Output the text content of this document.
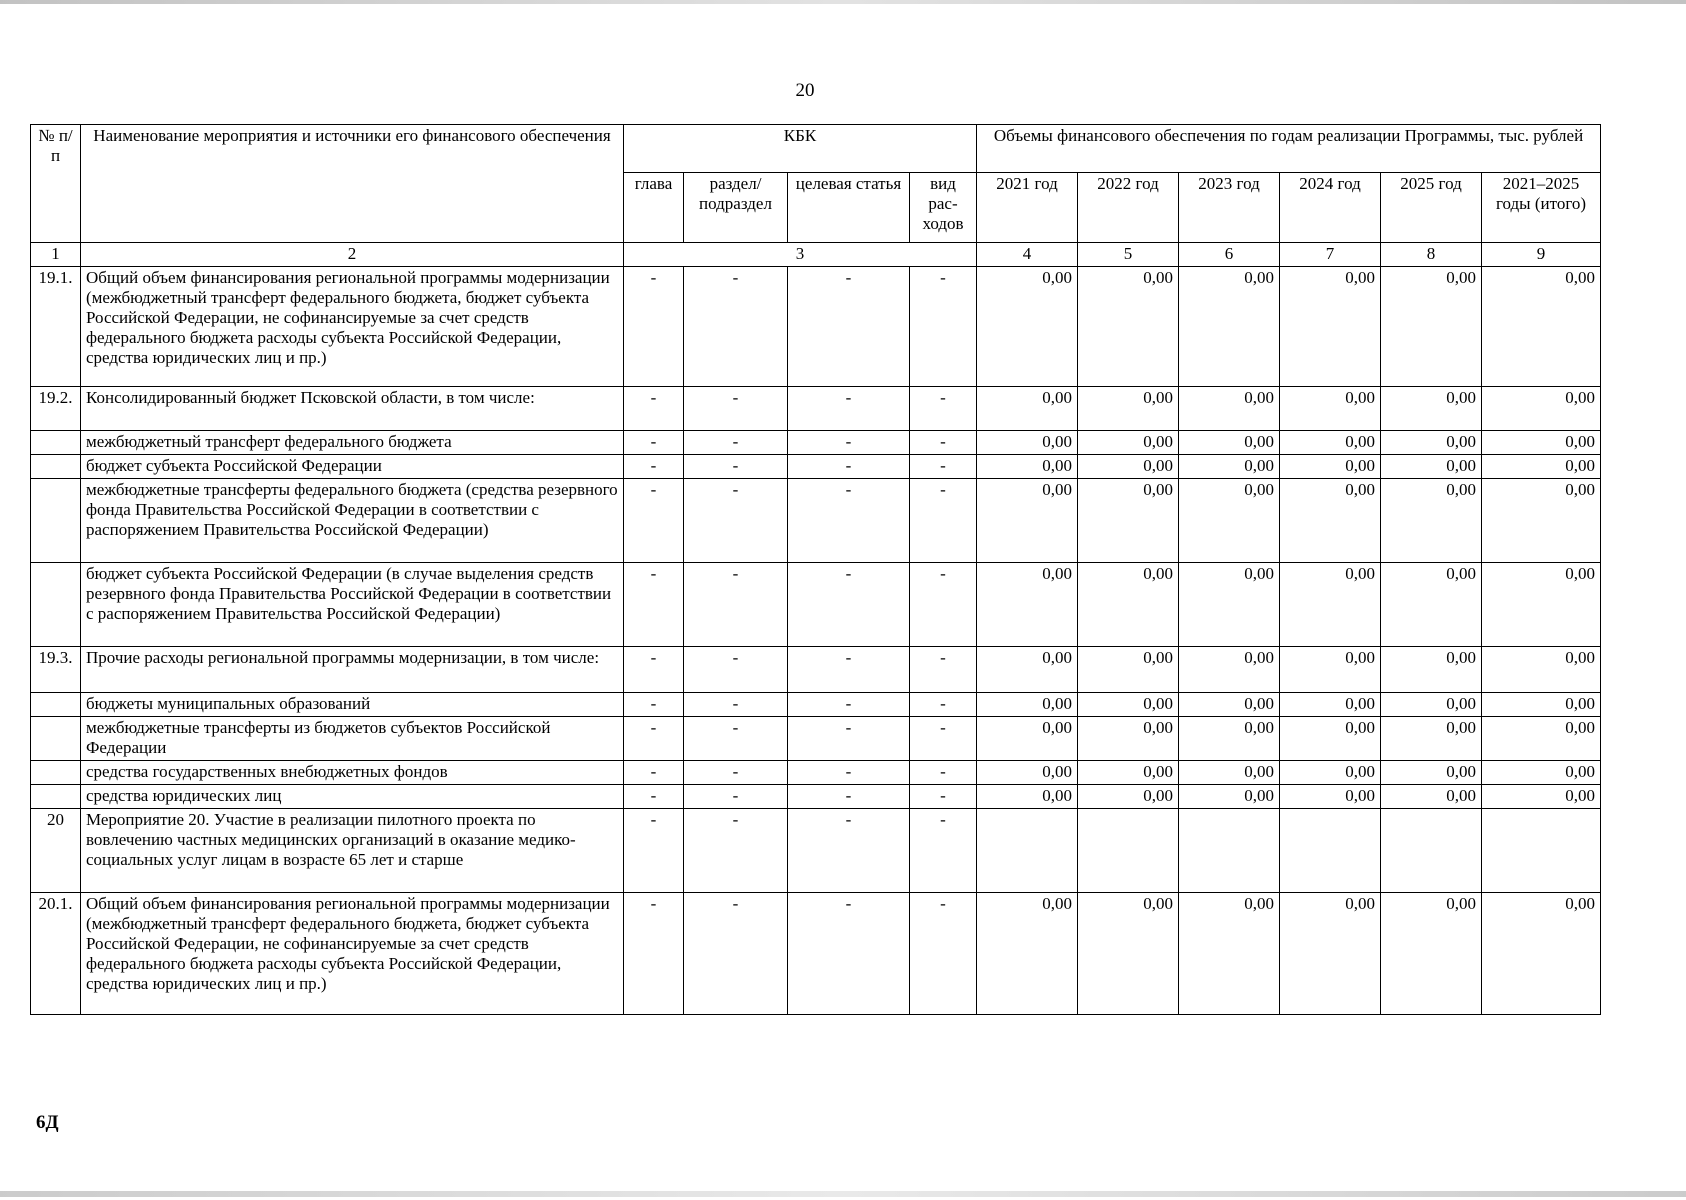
20
№ п/п	Наименование мероприятия и источники его финансового обеспечения	КБК				Объемы финансового обеспечения по годам реализации Программы, тыс. рублей					
		глава	раздел/ подраздел	целевая статья	вид рас- ходов	2021 год	2022 год	2023 год	2024 год	2025 год	2021–2025 годы (итого)
1	2	3				4	5	6	7	8	9
19.1.	Общий объем финансирования региональной программы модернизации (межбюджетный трансферт федерального бюджета, бюджет субъекта Российской Федерации, не софинансируемые за счет средств федерального бюджета расходы субъекта Российской Федерации, средства юридических лиц и пр.)	-	-	-	-	0,00	0,00	0,00	0,00	0,00	0,00
19.2.	Консолидированный бюджет Псковской области, в том числе:	-	-	-	-	0,00	0,00	0,00	0,00	0,00	0,00
	межбюджетный трансферт федерального бюджета	-	-	-	-	0,00	0,00	0,00	0,00	0,00	0,00
	бюджет субъекта Российской Федерации	-	-	-	-	0,00	0,00	0,00	0,00	0,00	0,00
	межбюджетные трансферты федерального бюджета (средства резервного фонда Правительства Российской Федерации в соответствии с распоряжением Правительства Российской Федерации)	-	-	-	-	0,00	0,00	0,00	0,00	0,00	0,00
	бюджет субъекта Российской Федерации (в случае выделения средств резервного фонда Правительства Российской Федерации в соответствии с распоряжением Правительства Российской Федерации)	-	-	-	-	0,00	0,00	0,00	0,00	0,00	0,00
19.3.	Прочие расходы региональной программы модернизации, в том числе:	-	-	-	-	0,00	0,00	0,00	0,00	0,00	0,00
	бюджеты муниципальных образований	-	-	-	-	0,00	0,00	0,00	0,00	0,00	0,00
	межбюджетные трансферты из бюджетов субъектов Российской Федерации	-	-	-	-	0,00	0,00	0,00	0,00	0,00	0,00
	средства государственных внебюджетных фондов	-	-	-	-	0,00	0,00	0,00	0,00	0,00	0,00
	средства юридических лиц	-	-	-	-	0,00	0,00	0,00	0,00	0,00	0,00
20	Мероприятие 20. Участие в реализации пилотного проекта по вовлечению частных медицинских организаций в оказание медико-социальных услуг лицам в возрасте 65 лет и старше	-	-	-	-						
20.1.	Общий объем финансирования региональной программы модернизации (межбюджетный трансферт федерального бюджета, бюджет субъекта Российской Федерации, не софинансируемые за счет средств федерального бюджета расходы субъекта Российской Федерации, средства юридических лиц и пр.)	-	-	-	-	0,00	0,00	0,00	0,00	0,00	0,00
6Д
